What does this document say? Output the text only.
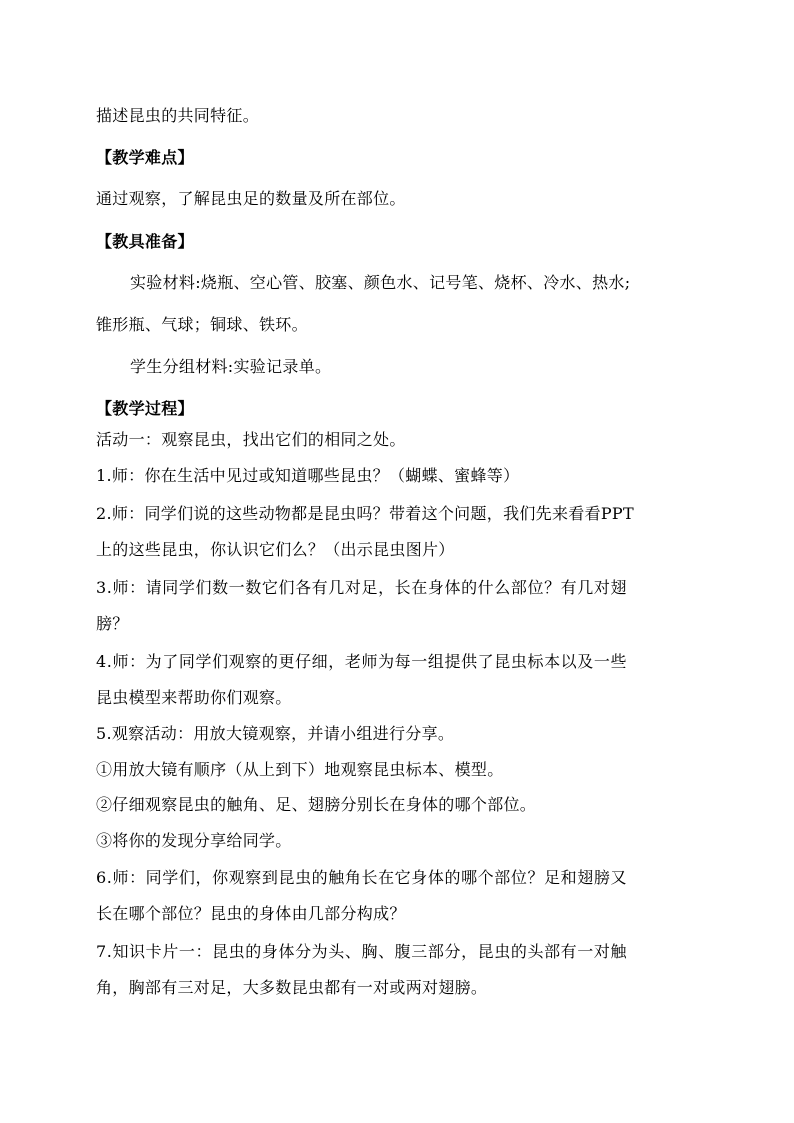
描述昆虫的共同特征。
【教学难点】
通过观察，了解昆虫足的数量及所在部位。
【教具准备】
实验材料:烧瓶、空心管、胶塞、颜色水、记号笔、烧杯、冷水、热水;
锥形瓶、气球；铜球、铁环。
学生分组材料:实验记录单。
【教学过程】
活动一：观察昆虫，找出它们的相同之处。
1.师：你在生活中见过或知道哪些昆虫？（蝴蝶、蜜蜂等）
2.师：同学们说的这些动物都是昆虫吗？带着这个问题，我们先来看看PPT
上的这些昆虫，你认识它们么？（出示昆虫图片）
3.师：请同学们数一数它们各有几对足，长在身体的什么部位？有几对翅
膀？
4.师：为了同学们观察的更仔细，老师为每一组提供了昆虫标本以及一些
昆虫模型来帮助你们观察。
5.观察活动：用放大镜观察，并请小组进行分享。
①用放大镜有顺序（从上到下）地观察昆虫标本、模型。
②仔细观察昆虫的触角、足、翅膀分别长在身体的哪个部位。
③将你的发现分享给同学。
6.师：同学们，你观察到昆虫的触角长在它身体的哪个部位？足和翅膀又
长在哪个部位？昆虫的身体由几部分构成？
7.知识卡片一：昆虫的身体分为头、胸、腹三部分，昆虫的头部有一对触
角，胸部有三对足，大多数昆虫都有一对或两对翅膀。
